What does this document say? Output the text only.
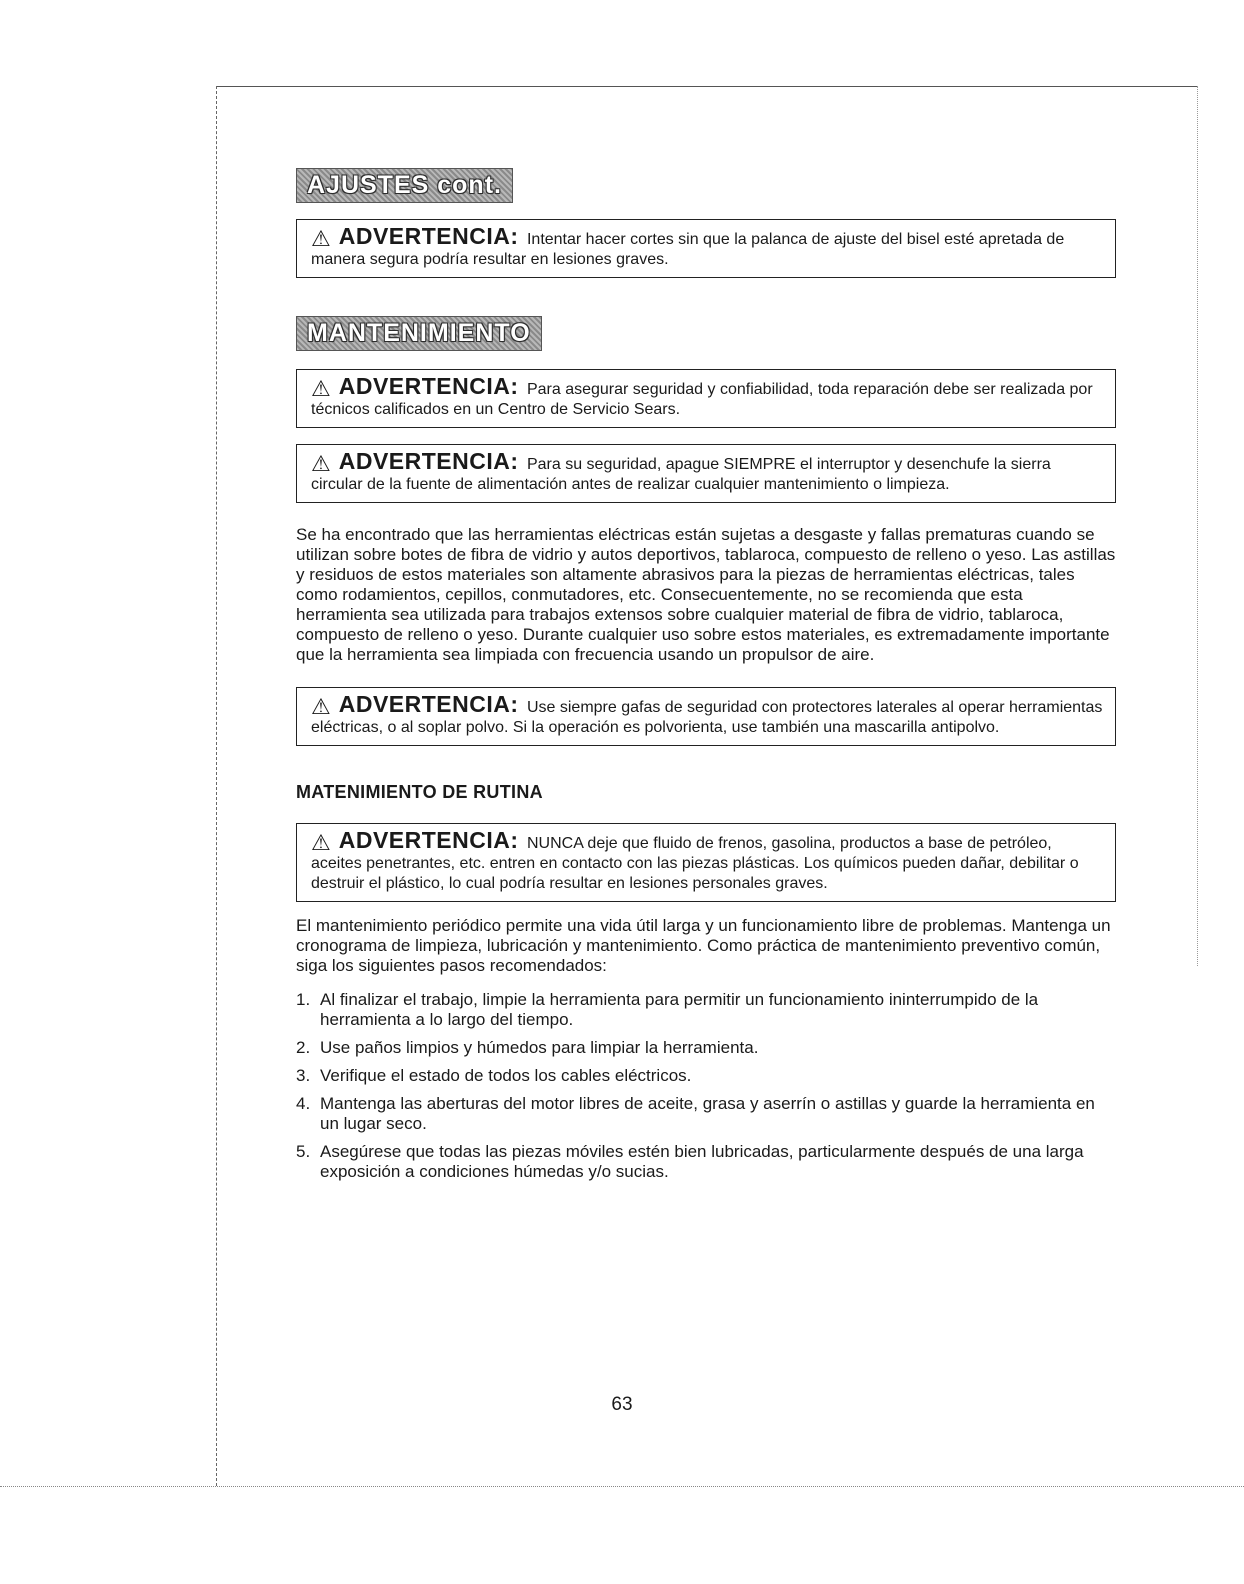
AJUSTES cont.
⚠ ADVERTENCIA: Intentar hacer cortes sin que la palanca de ajuste del bisel esté apretada de manera segura podría resultar en lesiones graves.
MANTENIMIENTO
⚠ ADVERTENCIA: Para asegurar seguridad y confiabilidad, toda reparación debe ser realizada por técnicos calificados en un Centro de Servicio Sears.
⚠ ADVERTENCIA: Para su seguridad, apague SIEMPRE el interruptor y desenchufe la sierra circular de la fuente de alimentación antes de realizar cualquier mantenimiento o limpieza.

Se ha encontrado que las herramientas eléctricas están sujetas a desgaste y fallas prematuras cuando se utilizan sobre botes de fibra de vidrio y autos deportivos, tablaroca, compuesto de relleno o yeso. Las astillas y residuos de estos materiales son altamente abrasivos para la piezas de herramientas eléctricas, tales como rodamientos, cepillos, conmutadores, etc. Consecuentemente, no se recomienda que esta herramienta sea utilizada para trabajos extensos sobre cualquier material de fibra de vidrio, tablaroca, compuesto de relleno o yeso. Durante cualquier uso sobre estos materiales, es extremadamente importante que la herramienta sea limpiada con frecuencia usando un propulsor de aire.

⚠ ADVERTENCIA: Use siempre gafas de seguridad con protectores laterales al operar herramientas eléctricas, o al soplar polvo. Si la operación es polvorienta, use también una mascarilla antipolvo.
MATENIMIENTO DE RUTINA
⚠ ADVERTENCIA: NUNCA deje que fluido de frenos, gasolina, productos a base de petróleo, aceites penetrantes, etc. entren en contacto con las piezas plásticas. Los químicos pueden dañar, debilitar o destruir el plástico, lo cual podría resultar en lesiones personales graves.

El mantenimiento periódico permite una vida útil larga y un funcionamiento libre de problemas. Mantenga un cronograma de limpieza, lubricación y mantenimiento. Como práctica de mantenimiento preventivo común, siga los siguientes pasos recomendados:

1. Al finalizar el trabajo, limpie la herramienta para permitir un funcionamiento ininterrumpido de la herramienta a lo largo del tiempo.
2. Use paños limpios y húmedos para limpiar la herramienta.
3. Verifique el estado de todos los cables eléctricos.
4. Mantenga las aberturas del motor libres de aceite, grasa y aserrín o astillas y guarde la herramienta en un lugar seco.
5. Asegúrese que todas las piezas móviles estén bien lubricadas, particularmente después de una larga exposición a condiciones húmedas y/o sucias.
63
